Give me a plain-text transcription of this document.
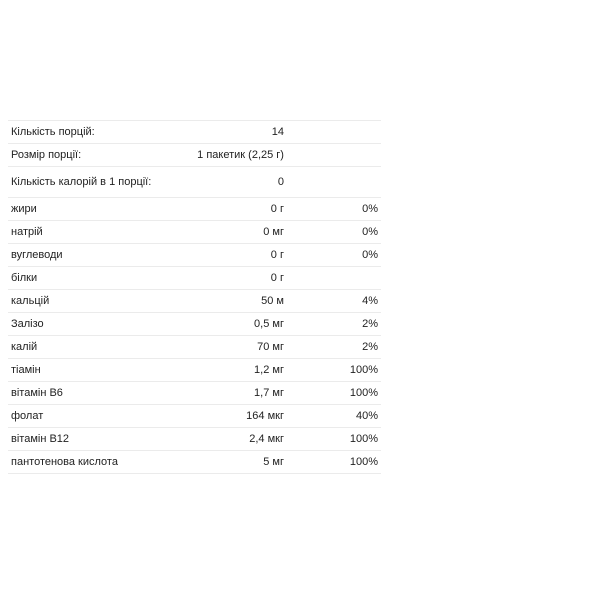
Кількість порцій:	14	
Розмір порції:	1 пакетик (2,25 г)	
Кількість калорій в 1 порції:	0	
жири	0 г	0%
натрій	0 мг	0%
вуглеводи	0 г	0%
білки	0 г	
кальцій	50 м	4%
Залізо	0,5 мг	2%
калій	70 мг	2%
тіамін	1,2 мг	100%
вітамін B6	1,7 мг	100%
фолат	164 мкг	40%
вітамін B12	2,4 мкг	100%
пантотенова кислота	5 мг	100%
